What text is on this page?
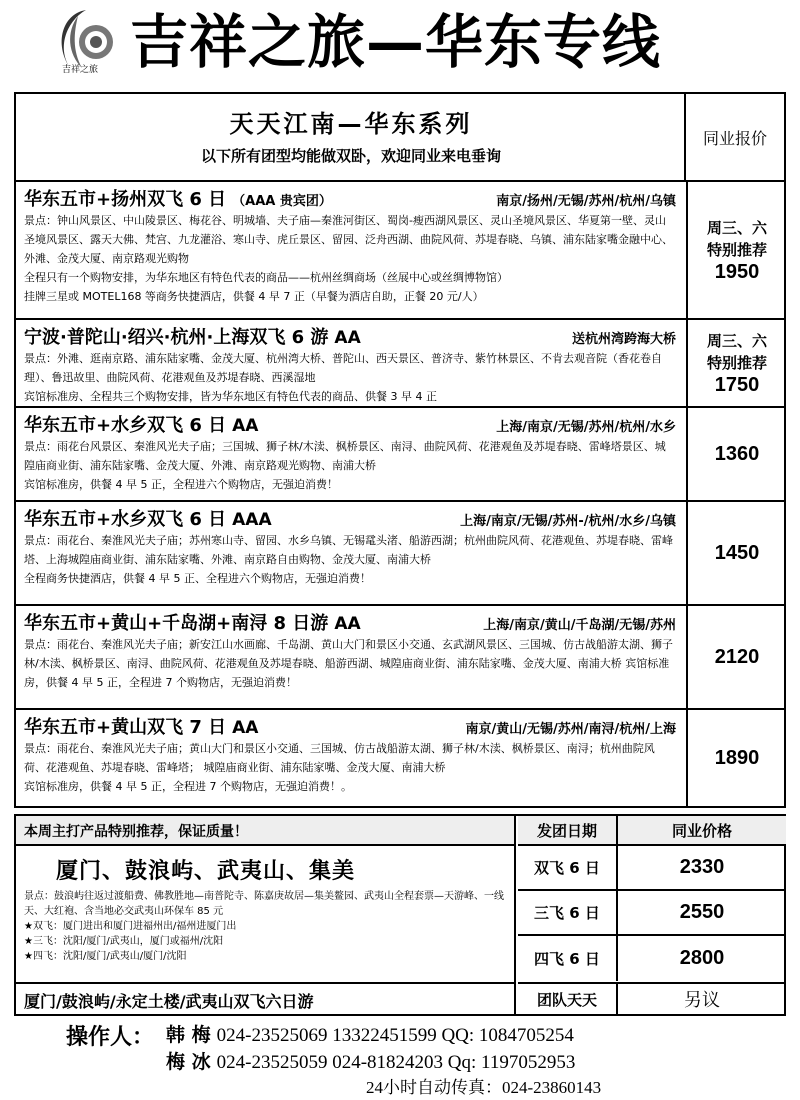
吉祥之旅 吉祥之旅—华东专线
天天江南—华东系列
以下所有团型均能做双卧，欢迎同业来电垂询
同业报价
华东五市+扬州双飞 6 日 （AAA 贵宾团）	南京/扬州/无锡/苏州/杭州/乌镇
景点：钟山风景区、中山陵景区、梅花谷、明城墙、夫子庙—秦淮河街区、蜀岗-瘦西湖风景区、灵山圣境风景区、华夏第一壁、灵山圣境风景区、露天大佛、梵宫、九龙灌浴、寒山寺、虎丘景区、留园、泛舟西湖、曲院风荷、苏堤春晓、乌镇、浦东陆家嘴金融中心、外滩、金茂大厦、南京路观光购物
全程只有一个购物安排，为华东地区有特色代表的商品——杭州丝绸商场（丝展中心或丝绸博物馆）
挂牌三星或 MOTEL168 等商务快捷酒店，供餐 4 早 7 正（早餐为酒店自助，正餐 20 元/人）
周三、六
特别推荐
1950
宁波·普陀山·绍兴·杭州·上海双飞 6 游 AA	送杭州湾跨海大桥
景点：外滩、逛南京路、浦东陆家嘴、金茂大厦、杭州湾大桥、普陀山、西天景区、普济寺、紫竹林景区、不肯去观音院（香花卷自理）、鲁迅故里、曲院风荷、花港观鱼及苏堤春晓、西溪湿地
宾馆标准房、全程共三个购物安排，皆为华东地区有特色代表的商品、供餐 3 早 4 正
周三、六
特别推荐
1750
华东五市+水乡双飞 6 日 AA	上海/南京/无锡/苏州/杭州/水乡
景点：雨花台风景区、秦淮风光夫子庙；三国城、狮子林/木渎、枫桥景区、南浔、曲院风荷、花港观鱼及苏堤春晓、雷峰塔景区、城隍庙商业街、浦东陆家嘴、金茂大厦、外滩、南京路观光购物、南浦大桥
宾馆标准房，供餐 4 早 5 正，全程进六个购物店，无强迫消费！
1360
华东五市+水乡双飞 6 日 AAA	上海/南京/无锡/苏州-/杭州/水乡/乌镇
景点：雨花台、秦淮风光夫子庙；苏州寒山寺、留园、水乡乌镇、无锡鼋头渚、船游西湖；杭州曲院风荷、花港观鱼、苏堤春晓、雷峰塔、上海城隍庙商业街、浦东陆家嘴、外滩、南京路自由购物、金茂大厦、南浦大桥
全程商务快捷酒店，供餐 4 早 5 正、全程进六个购物店，无强迫消费！
1450
华东五市+黄山+千岛湖+南浔 8 日游 AA	上海/南京/黄山/千岛湖/无锡/苏州
景点：雨花台、秦淮风光夫子庙；新安江山水画廊、千岛湖、黄山大门和景区小交通、玄武湖风景区、三国城、仿古战船游太湖、狮子林/木渎、枫桥景区、南浔、曲院风荷、花港观鱼及苏堤春晓、船游西湖、城隍庙商业街、浦东陆家嘴、金茂大厦、南浦大桥 宾馆标准房，供餐 4 早 5 正，全程进 7 个购物店，无强迫消费！
2120
华东五市+黄山双飞 7 日 AA	南京/黄山/无锡/苏州/南浔/杭州/上海
景点：雨花台、秦淮风光夫子庙；黄山大门和景区小交通、三国城、仿古战船游太湖、狮子林/木渎、枫桥景区、南浔；杭州曲院风荷、花港观鱼、苏堤春晓、雷峰塔； 城隍庙商业街、浦东陆家嘴、金茂大厦、南浦大桥
宾馆标准房，供餐 4 早 5 正，全程进 7 个购物店，无强迫消费！。
1890
本周主打产品特别推荐，保证质量！
厦门、鼓浪屿、武夷山、集美
景点：鼓浪屿往返过渡船费、佛教胜地—南普陀寺、陈嘉庚故居—集美鳌园、武夷山全程套票—天游峰、一线天、大红袍、含当地必交武夷山环保车 85 元
★双飞：厦门进出和厦门进福州出/福州进厦门出
★三飞：沈阳/厦门/武夷山，厦门或福州/沈阳
★四飞：沈阳/厦门/武夷山/厦门/沈阳
厦门/鼓浪屿/永定土楼/武夷山双飞六日游
发团日期	同业价格
双飞 6 日	2330
三飞 6 日	2550
四飞 6 日	2800
团队天天	另议
操作人： 韩 梅 024-23525069 13322451599 QQ: 1084705254
梅 冰 024-23525059 024-81824203 Qq: 1197052953
24小时自动传真：024-23860143
